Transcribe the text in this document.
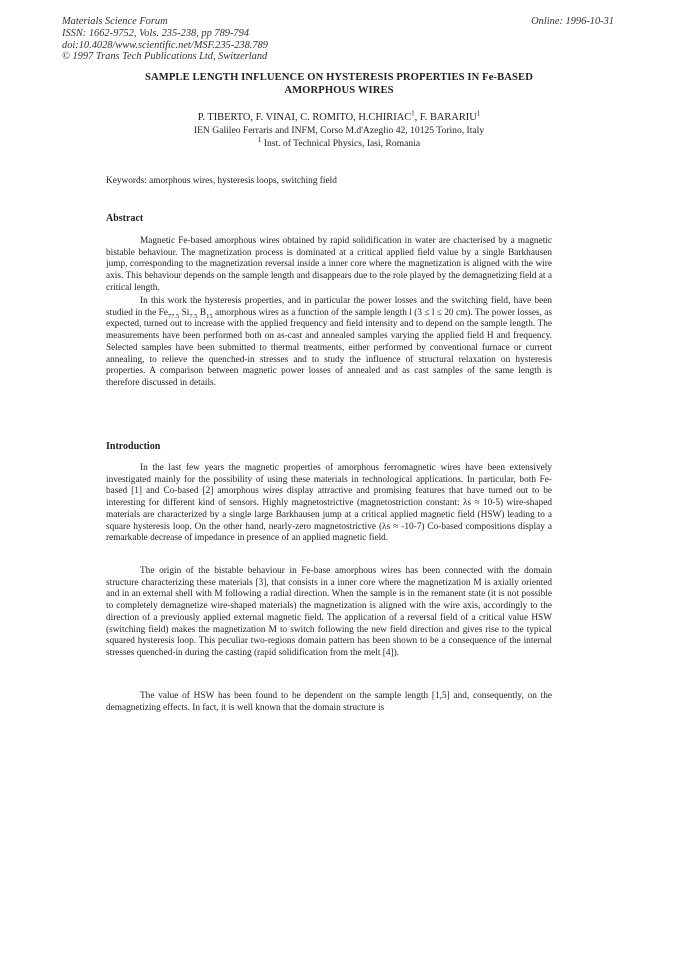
Materials Science Forum
ISSN: 1662-9752, Vols. 235-238, pp 789-794
doi:10.4028/www.scientific.net/MSF.235-238.789
© 1997 Trans Tech Publications Ltd, Switzerland
Online: 1996-10-31
SAMPLE LENGTH INFLUENCE ON HYSTERESIS PROPERTIES IN Fe-BASED
AMORPHOUS WIRES
P. TIBERTO, F. VINAI, C. ROMITO, H.CHIRIAC$^1$, F. BARARIU$^1$
IEN Galileo Ferraris and INFM, Corso M.d'Azeglio 42, 10125 Torino, Italy
$^1$ Inst. of Technical Physics, Iasi, Romania
Keywords: amorphous wires, hysteresis loops, switching field
Abstract
Magnetic Fe-based amorphous wires obtained by rapid solidification in water are chacterised by a magnetic bistable behaviour. The magnetization process is dominated at a critical applied field value by a single Barkhausen jump, corresponding to the magnetization reversal inside a inner core where the magnetization is aligned with the wire axis. This behaviour depends on the sample length and disappears due to the role played by the demagnetizing field at a critical length.
In this work the hysteresis properties, and in particular the power losses and the switching field, have been studied in the $Fe_{77.5}$ $Si_{7.5}$ $B_{15}$ amorphous wires as a function of the sample length l (3 ≤ l ≤ 20 cm). The power losses, as expected, turned out to increase with the applied frequency and field intensity and to depend on the sample length. The measurements have been performed both on as-cast and annealed samples varying the applied field H and frequency. Selected samples have been submitted to thermal treatments, either performed by conventional furnace or current annealing, to relieve the quenched-in stresses and to study the influence of structural relaxation on hysteresis properties. A comparison between magnetic power losses of annealed and as cast samples of the same length is therefore discussed in details.
Introduction
In the last few years the magnetic properties of amorphous ferromagnetic wires have been extensively investigated mainly for the possibility of using these materials in technological applications. In particular, both Fe-based [1] and Co-based [2] amorphous wires display attractive and promising features that have turned out to be interesting for different kind of sensors. Highly magnetostrictive (magnetostriction constant: λs ≈ 10-5) wire-shaped materials are characterized by a single large Barkhausen jump at a critical applied magnetic field (HSW) leading to a square hysteresis loop. On the other hand, nearly-zero magnetostrictive (λs ≈ -10-7) Co-based compositions display a remarkable decrease of impedance in presence of an applied magnetic field.
The origin of the bistable behaviour in Fe-base amorphous wires has been connected with the domain structure characterizing these materials [3], that consists in a inner core where the magnetization M is axially oriented and in an external shell with M following a radial direction. When the sample is in the remanent state (it is not possible to completely demagnetize wire-shaped materials) the magnetization is aligned with the wire axis, accordingly to the direction of a previously applied external magnetic field. The application of a reversal field of a critical value HSW (switching field) makes the magnetization M to switch following the new field direction and gives rise to the typical squared hysteresis loop. This peculiar two-regions domain pattern has been shown to be a consequence of the internal stresses quenched-in during the casting (rapid solidification from the melt [4]).
The value of HSW has been found to be dependent on the sample length [1,5] and, consequently, on the demagnetizing effects. In fact, it is well known that the domain structure is
